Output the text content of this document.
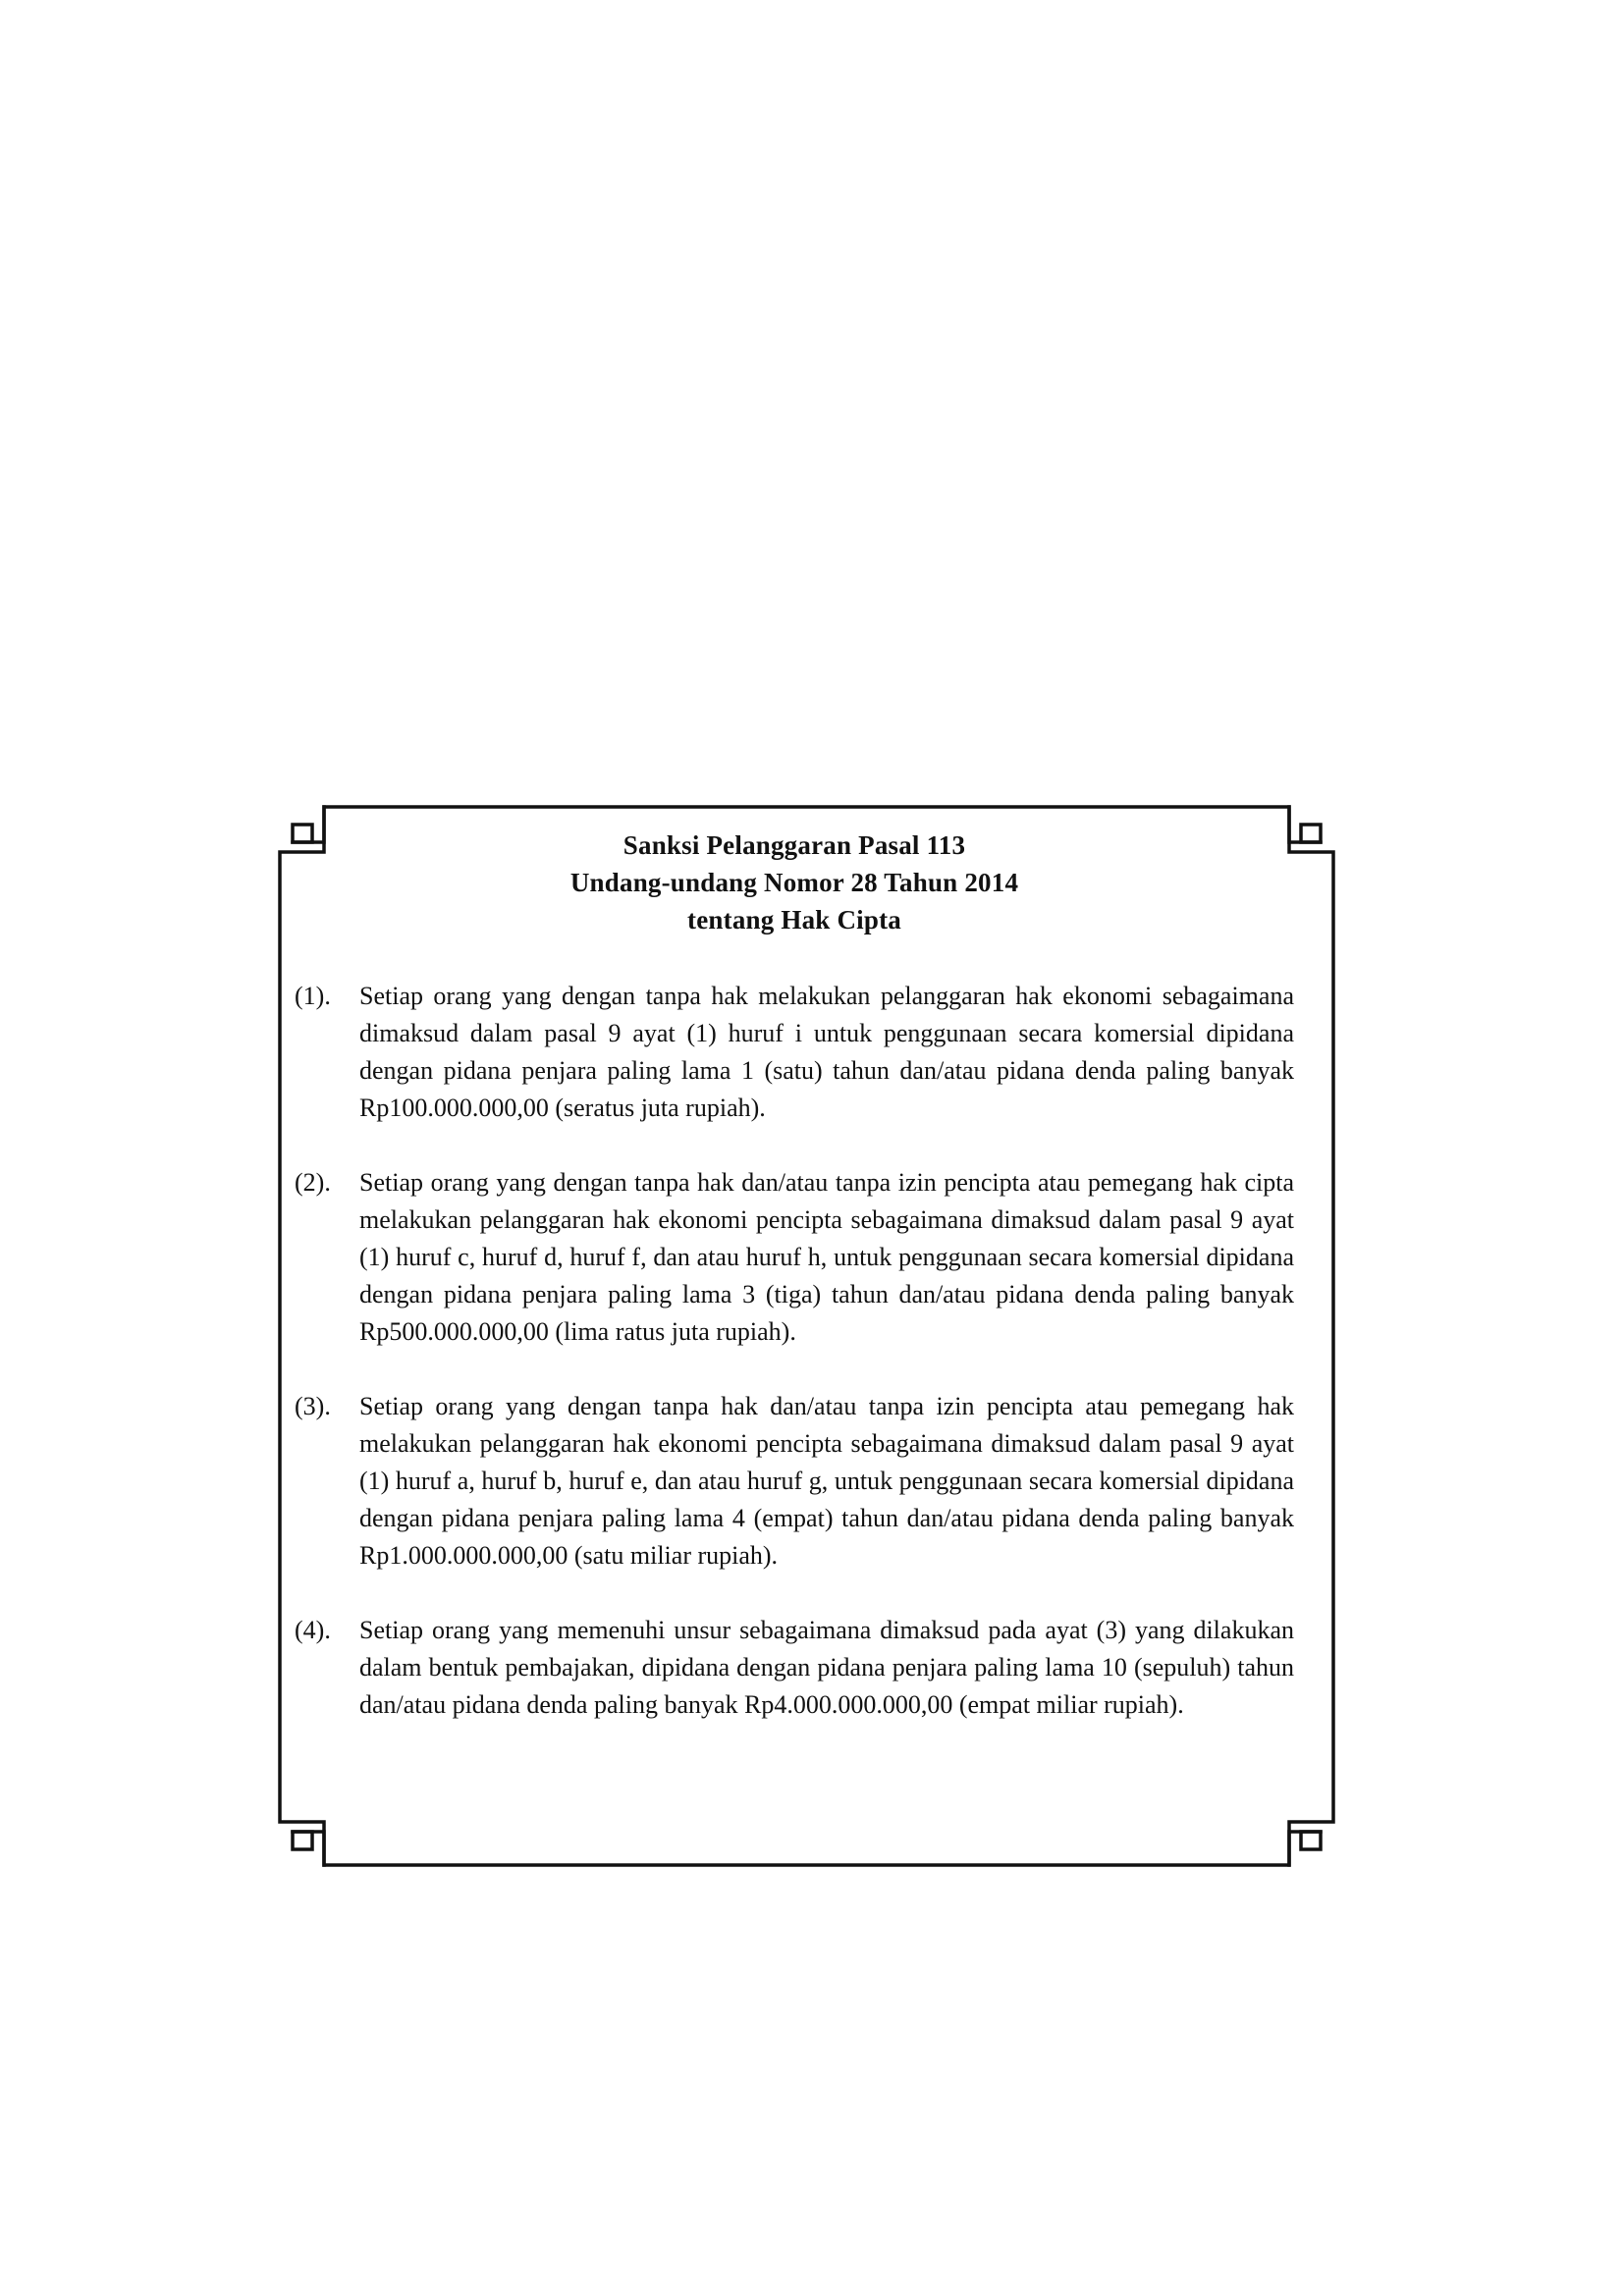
Sanksi Pelanggaran Pasal 113
Undang-undang Nomor 28 Tahun 2014
tentang Hak Cipta
(1).	Setiap orang yang dengan tanpa hak melakukan pelanggaran hak ekonomi sebagaimana dimaksud dalam pasal 9 ayat (1) huruf i untuk penggunaan secara komersial dipidana dengan pidana penjara paling lama 1 (satu) tahun dan/atau pidana denda paling banyak Rp100.000.000,00 (seratus juta rupiah).
(2).	Setiap orang yang dengan tanpa hak dan/atau tanpa izin pencipta atau pemegang hak cipta melakukan pelanggaran hak ekonomi pencipta sebagaimana dimaksud dalam pasal 9 ayat (1) huruf c, huruf d, huruf f, dan atau huruf h, untuk penggunaan secara komersial dipidana dengan pidana penjara paling lama 3 (tiga) tahun dan/atau pidana denda paling banyak Rp500.000.000,00 (lima ratus juta rupiah).
(3).	Setiap orang yang dengan tanpa hak dan/atau tanpa izin pencipta atau pemegang hak melakukan pelanggaran hak ekonomi pencipta sebagaimana dimaksud dalam pasal 9 ayat (1) huruf a, huruf b, huruf e, dan atau huruf g, untuk penggunaan secara komersial dipidana dengan pidana penjara paling lama 4 (empat) tahun dan/atau pidana denda paling banyak Rp1.000.000.000,00 (satu miliar rupiah).
(4).	Setiap orang yang memenuhi unsur sebagaimana dimaksud pada ayat (3) yang dilakukan dalam bentuk pembajakan, dipidana dengan pidana penjara paling lama 10 (sepuluh) tahun dan/atau pidana denda paling banyak Rp4.000.000.000,00 (empat miliar rupiah).
